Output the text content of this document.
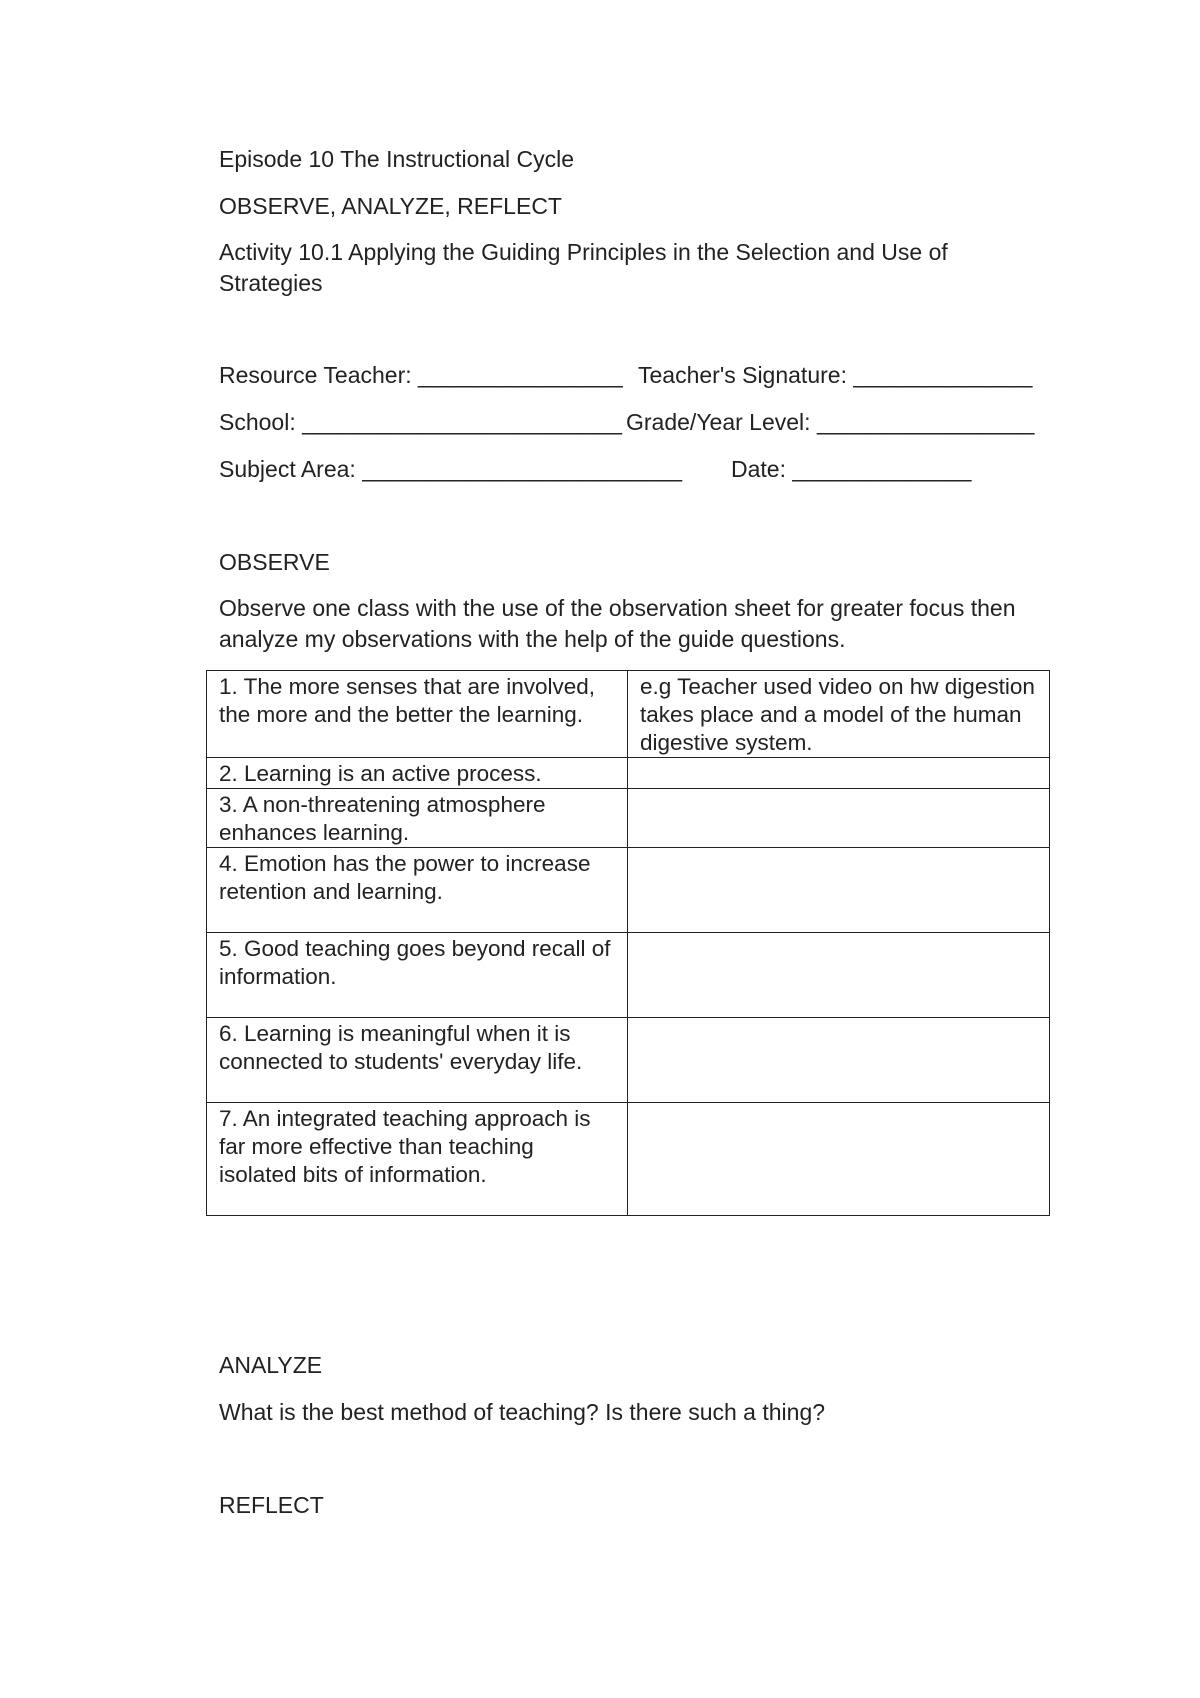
Episode 10 The Instructional Cycle
OBSERVE, ANALYZE, REFLECT
Activity 10.1 Applying the Guiding Principles in the Selection and Use of Strategies
Resource Teacher: ________________ Teacher's Signature: ______________
School: _________________________ Grade/Year Level: _________________
Subject Area: _________________________ Date: ______________
OBSERVE
Observe one class with the use of the observation sheet for greater focus then analyze my observations with the help of the guide questions.
1. The more senses that are involved, the more and the better the learning.	e.g Teacher used video on hw digestion takes place and a model of the human digestive system.
2. Learning is an active process.	
3. A non-threatening atmosphere enhances learning.	
4. Emotion has the power to increase retention and learning.	
5. Good teaching goes beyond recall of information.	
6. Learning is meaningful when it is connected to students' everyday life.	
7. An integrated teaching approach is far more effective than teaching isolated bits of information.	
ANALYZE
What is the best method of teaching? Is there such a thing?
REFLECT
